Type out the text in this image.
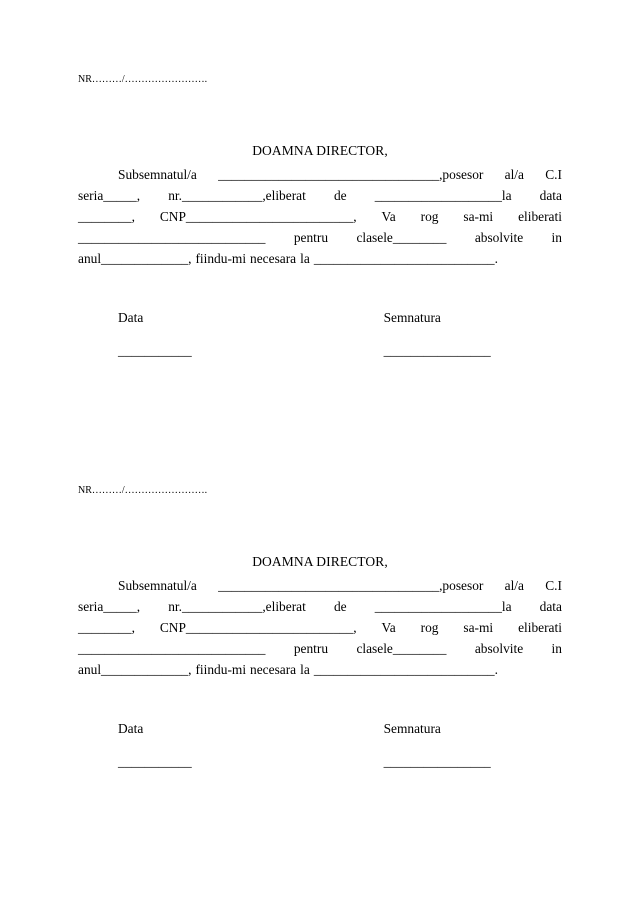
NR………/…………………….
DOAMNA DIRECTOR,
Subsemnatul/a _________________________________,posesor al/a C.I
seria_____, nr.____________,eliberat de ___________________la data
________, CNP_________________________, Va rog sa-mi eliberati
____________________________ pentru clasele________ absolvite in
anul_____________, fiindu-mi necesara la ___________________________.
Data
___________
Semnatura
________________
NR………/…………………….
DOAMNA DIRECTOR,
Subsemnatul/a _________________________________,posesor al/a C.I
seria_____, nr.____________,eliberat de ___________________la data
________, CNP_________________________, Va rog sa-mi eliberati
____________________________ pentru clasele________ absolvite in
anul_____________, fiindu-mi necesara la ___________________________.
Data
___________
Semnatura
________________
